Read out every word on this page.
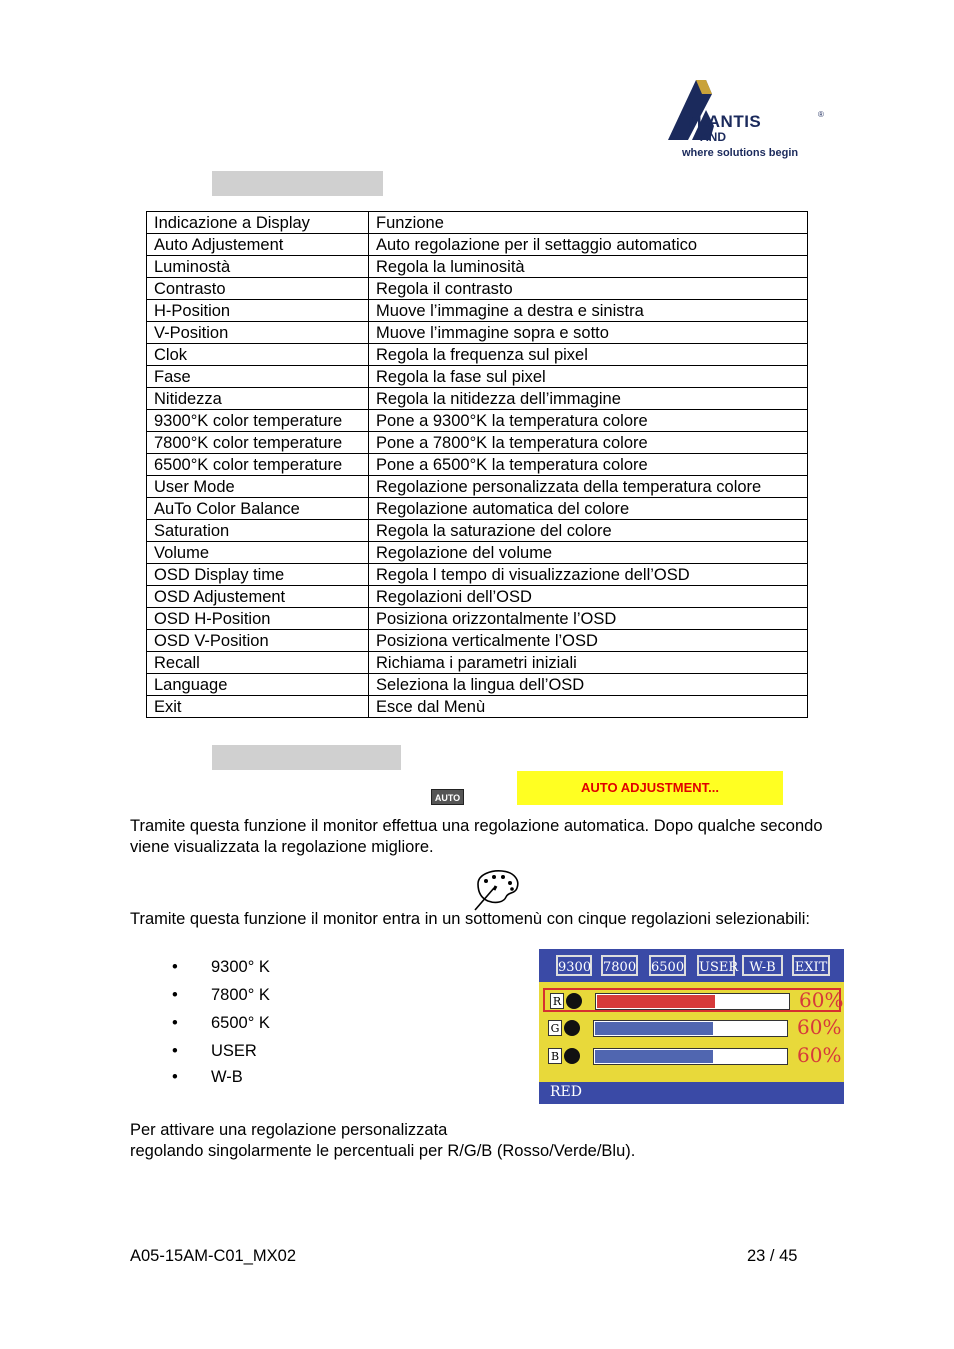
TLANTIS	®
AND
where solutions begin
Indicazione a Display	Funzione
Auto Adjustement	Auto regolazione per il settaggio automatico
Luminostà	Regola la luminosità
Contrasto	Regola il contrasto
H-Position	Muove l’immagine a destra e sinistra
V-Position	Muove l’immagine sopra e sotto
Clok	Regola la frequenza sul pixel
Fase	Regola la fase sul pixel
Nitidezza	Regola la nitidezza dell’immagine
9300°K color temperature	Pone a 9300°K la temperatura colore
7800°K color temperature	Pone a 7800°K la temperatura colore
6500°K color temperature	Pone a 6500°K la temperatura colore
User Mode	Regolazione personalizzata della temperatura colore
AuTo Color Balance	Regolazione automatica del colore
Saturation	Regola la saturazione del colore
Volume	Regolazione del volume
OSD Display time	Regola l tempo di visualizzazione dell’OSD
OSD Adjustement	Regolazioni dell’OSD
OSD H-Position	Posiziona orizzontalmente l’OSD
OSD V-Position	Posiziona verticalmente l’OSD
Recall	Richiama i parametri iniziali
Language	Seleziona la lingua dell’OSD
Exit	Esce dal Menù
AUTO
AUTO ADJUSTMENT...
Tramite questa funzione il monitor effettua una regolazione automatica. Dopo qualche secondo viene visualizzata la regolazione migliore.
Tramite questa funzione il monitor entra in un sottomenù con cinque regolazioni selezionabili:
• 9300° K
• 7800° K
• 6500° K
• USER
• W-B
9300 7800 6500 USER W-B	EXIT
R	60%
G	60%
B	60%
RED
Per attivare una regolazione personalizzata
regolando singolarmente le percentuali per R/G/B (Rosso/Verde/Blu).
A05-15AM-C01_MX02	23 / 45
